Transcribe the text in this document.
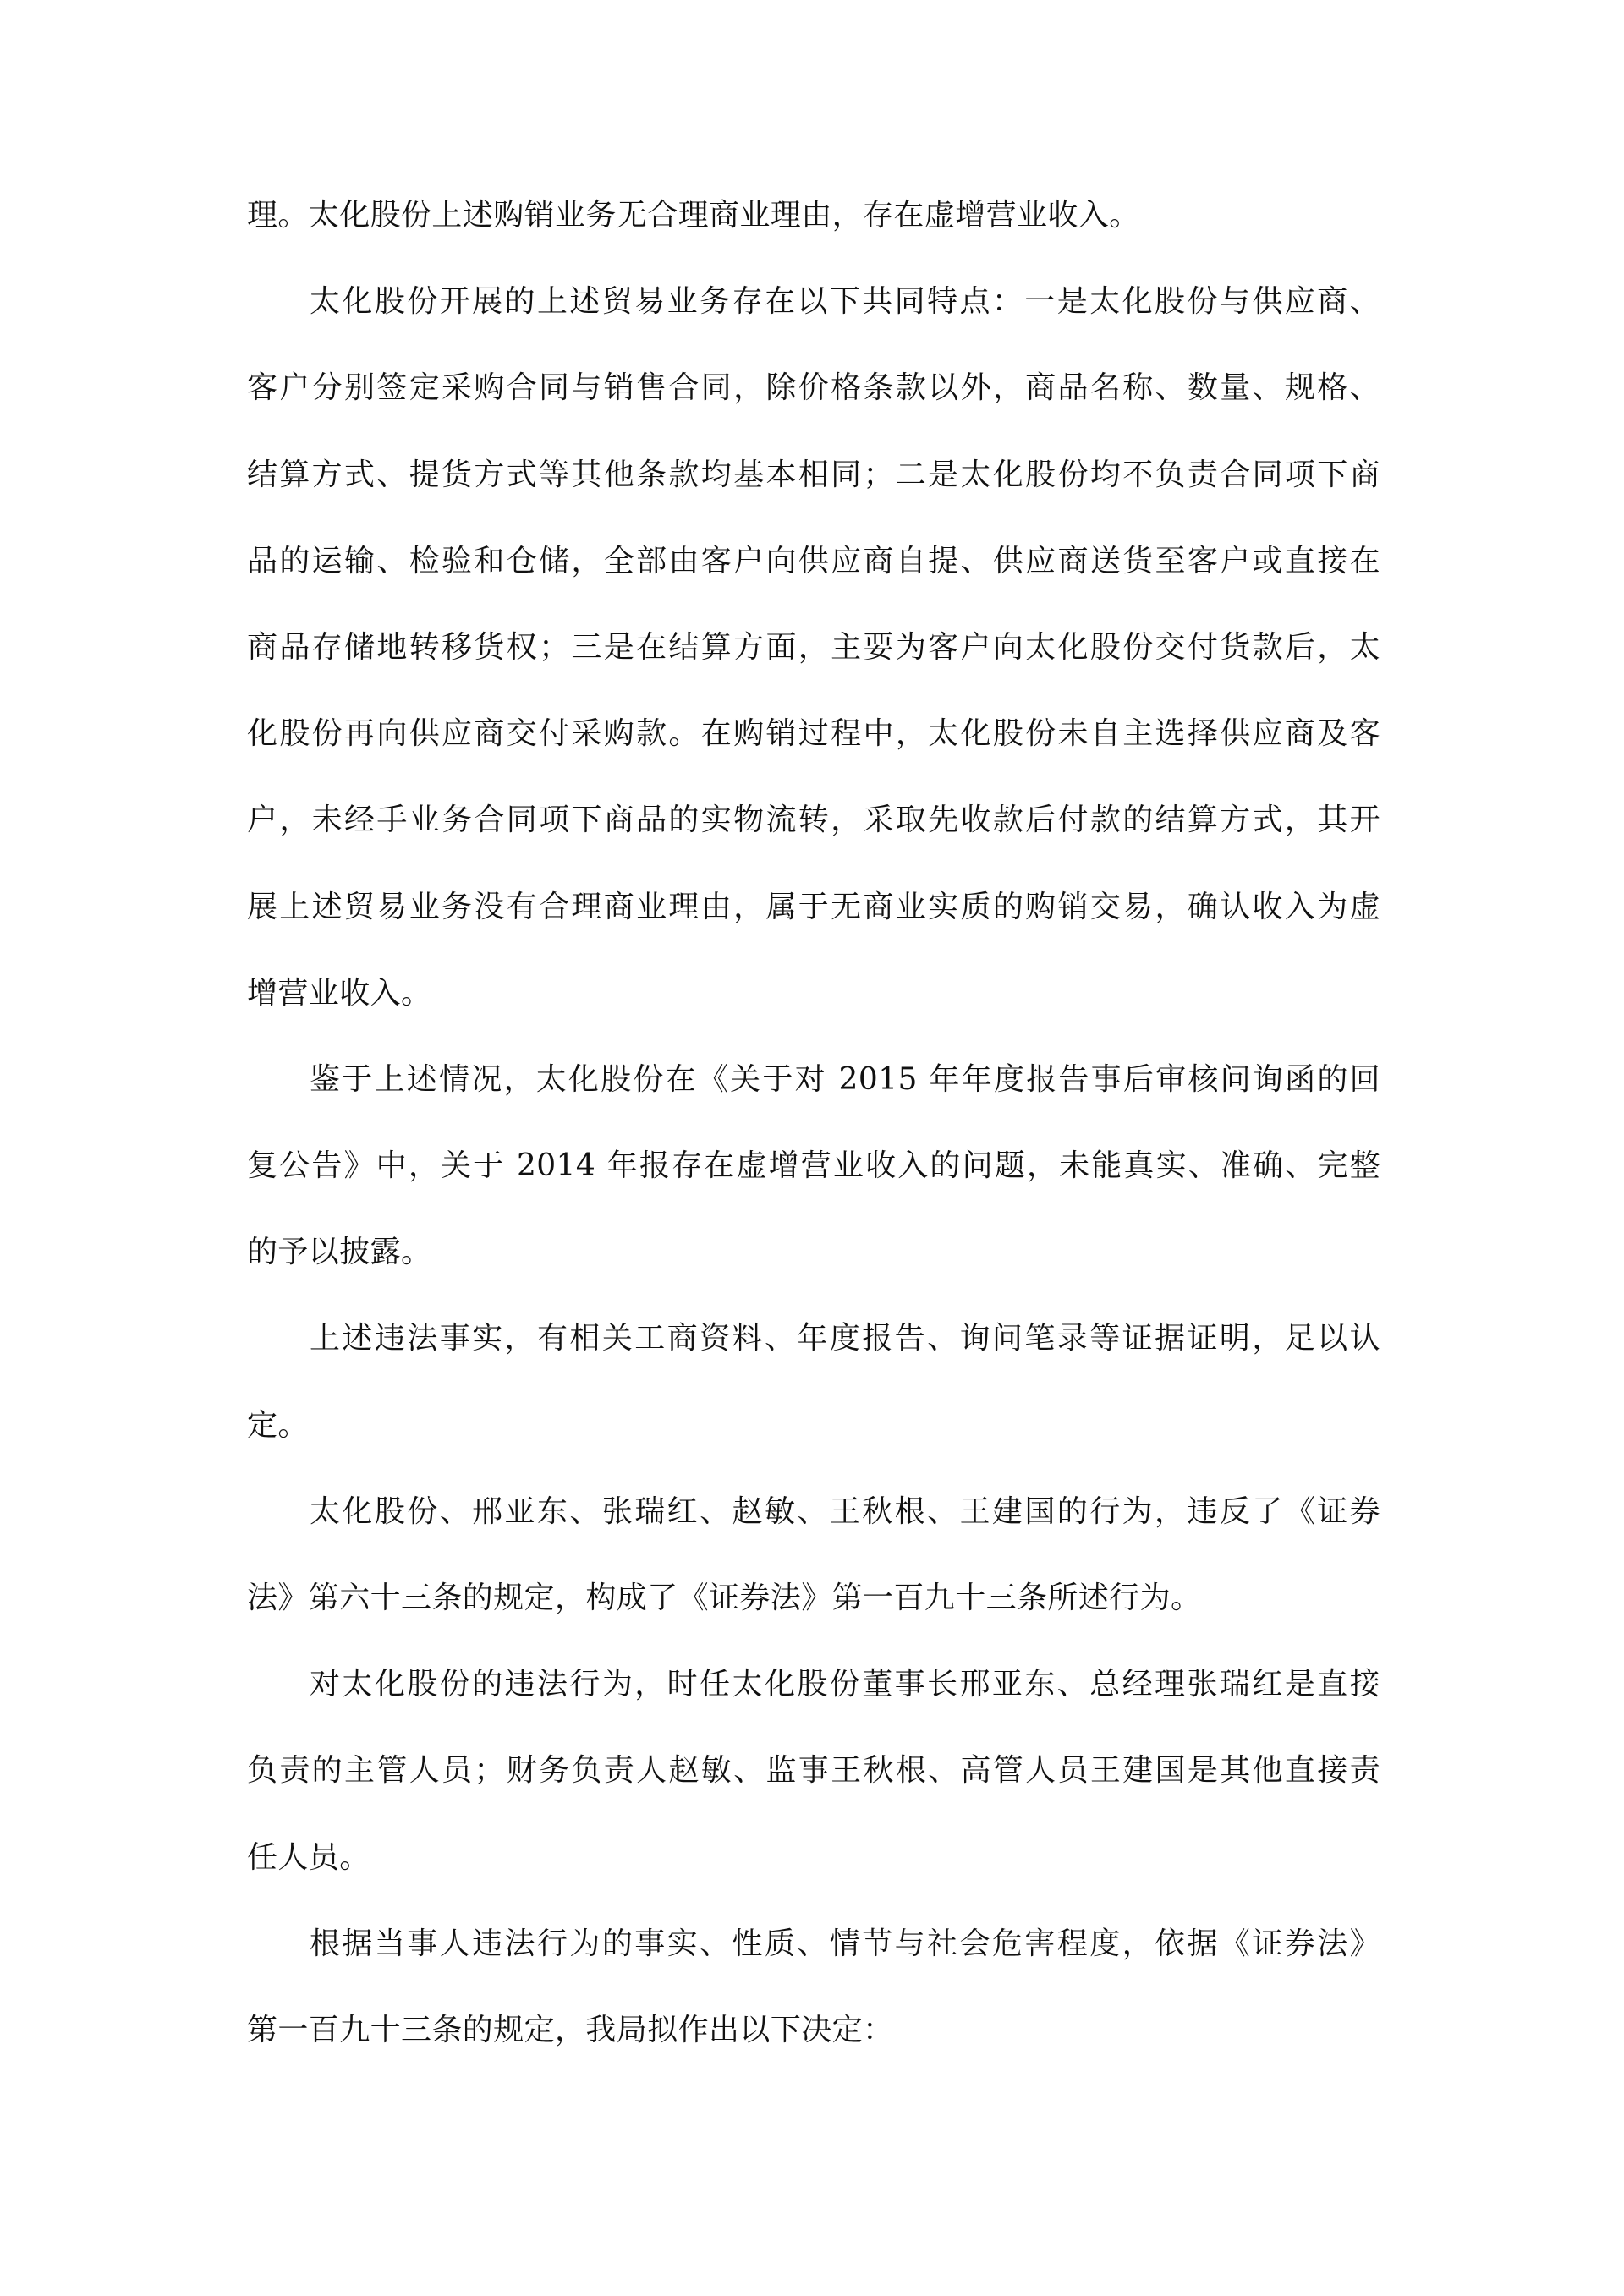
理。太化股份上述购销业务无合理商业理由，存在虚增营业收入。
太化股份开展的上述贸易业务存在以下共同特点：一是太化股份与供应商、
客户分别签定采购合同与销售合同，除价格条款以外，商品名称、数量、规格、
结算方式、提货方式等其他条款均基本相同；二是太化股份均不负责合同项下商
品的运输、检验和仓储，全部由客户向供应商自提、供应商送货至客户或直接在
商品存储地转移货权；三是在结算方面，主要为客户向太化股份交付货款后，太
化股份再向供应商交付采购款。在购销过程中，太化股份未自主选择供应商及客
户，未经手业务合同项下商品的实物流转，采取先收款后付款的结算方式，其开
展上述贸易业务没有合理商业理由，属于无商业实质的购销交易，确认收入为虚
增营业收入。
鉴于上述情况，太化股份在《关于对 2015 年年度报告事后审核问询函的回
复公告》中，关于 2014 年报存在虚增营业收入的问题，未能真实、准确、完整
的予以披露。
上述违法事实，有相关工商资料、年度报告、询问笔录等证据证明，足以认
定。
太化股份、邢亚东、张瑞红、赵敏、王秋根、王建国的行为，违反了《证券
法》第六十三条的规定，构成了《证券法》第一百九十三条所述行为。
对太化股份的违法行为，时任太化股份董事长邢亚东、总经理张瑞红是直接
负责的主管人员；财务负责人赵敏、监事王秋根、高管人员王建国是其他直接责
任人员。
根据当事人违法行为的事实、性质、情节与社会危害程度，依据《证券法》
第一百九十三条的规定，我局拟作出以下决定：
